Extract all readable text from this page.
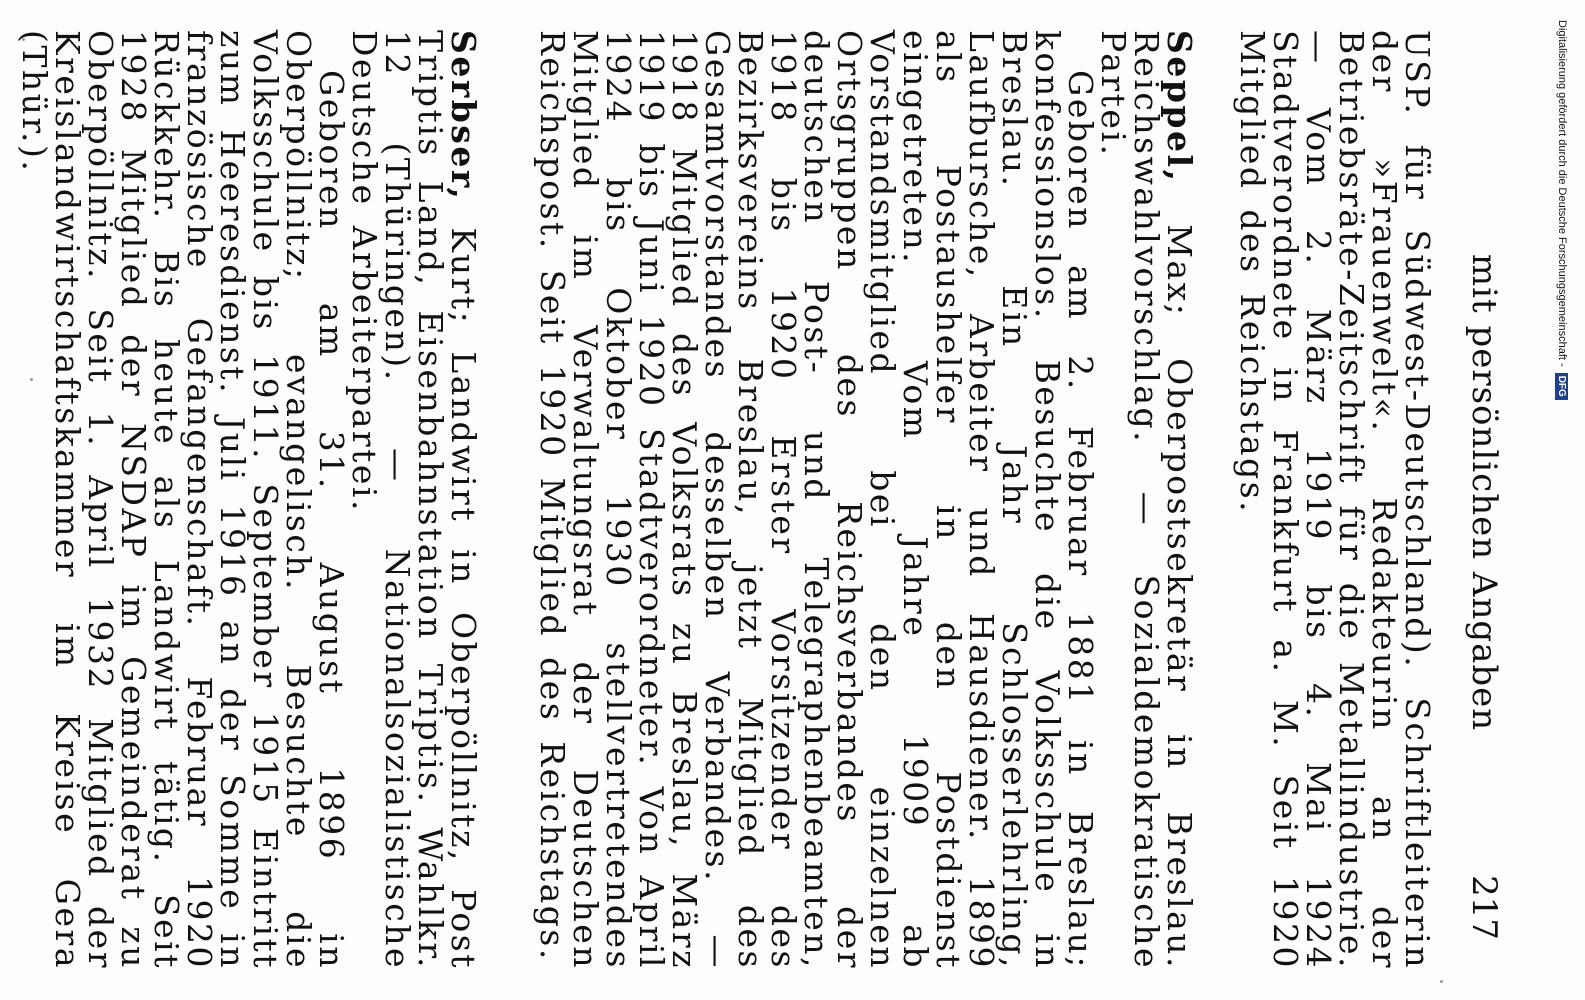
mit persönlichen Angaben
217

USP. für Südwest-Deutschland). Schriftleiterin der »Frauenwelt«. Redakteurin an der Betriebsräte-Zeitschrift für die Metallindustrie. — Vom 2. März 1919 bis 4. Mai 1924 Stadtverordnete in Frankfurt a. M. Seit 1920 Mitglied des Reichstags.

Seppel, Max; Oberpostsekretär in Breslau. Reichswahlvorschlag. — Sozialdemokratische Partei.

Geboren am 2. Februar 1881 in Breslau; konfessionslos. Besuchte die Volksschule in Breslau. Ein Jahr Schlosserlehrling, Laufbursche, Arbeiter und Hausdiener. 1899 als Postaushelfer in den Postdienst eingetreten. Vom Jahre 1909 ab Vorstandsmitglied bei den einzelnen Ortsgruppen des Reichsverbandes der deutschen Post- und Telegraphenbeamten, 1918 bis 1920 Erster Vorsitzender des Bezirksvereins Breslau, jetzt Mitglied des Gesamtvorstandes desselben Verbandes. — 1918 Mitglied des Volksrats zu Breslau, März 1919 bis Juni 1920 Stadtverordneter. Von April 1924 bis Oktober 1930 stellvertretendes Mitglied im Verwaltungsrat der Deutschen Reichspost. Seit 1920 Mitglied des Reichstags.

Serbser, Kurt; Landwirt in Oberpöllnitz, Post Triptis Land, Eisenbahnstation Triptis. Wahlkr. 12 (Thüringen). — Nationalsozialistische Deutsche Arbeiterpartei.

Geboren am 31. August 1896 in Oberpöllnitz; evangelisch. Besuchte die Volksschule bis 1911. September 1915 Eintritt zum Heeresdienst. Juli 1916 an der Somme in französische Gefangenschaft. Februar 1920 Rückkehr. Bis heute als Landwirt tätig. Seit 1928 Mitglied der NSDAP im Gemeinderat zu Oberpöllnitz. Seit 1. April 1932 Mitglied der Kreislandwirtschaftskammer im Kreise Gera (Thür.).	Digitalisierung gefördert durch die Deutsche Forschungsgemeinschaft -
DFG
